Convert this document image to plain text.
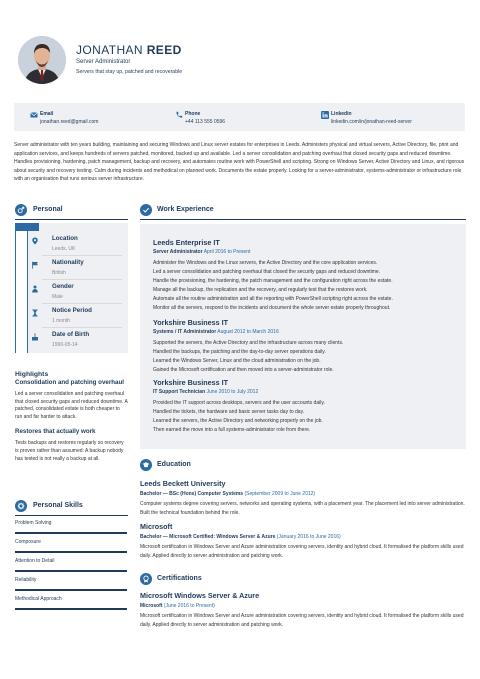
JONATHAN REED
Server Administrator
Servers that stay up, patched and recoverable
Email
jonathan.reed@gmail.com
Phone
+44 113 555 0596
Linkedin
linkedin.com/in/jonathan-reed-server
Server administrator with ten years building, maintaining and securing Windows and Linux server estates for enterprises in Leeds. Administers physical and virtual servers, Active Directory, file, print and application services, and keeps hundreds of servers patched, monitored, backed up and available. Led a server consolidation and patching overhaul that closed security gaps and reduced downtime. Handles provisioning, hardening, patch management, backup and recovery, and automates routine work with PowerShell and scripting. Strong on Windows Server, Active Directory and Linux, and rigorous about security and recovery testing. Calm during incidents and methodical on planned work. Documents the estate properly. Looking for a server-administrator, systems-administrator or infrastructure role with an organisation that runs serious server infrastructure.
Personal
Location
Leeds, UK
Nationality
British
Gender
Male
Notice Period
1 month
Date of Birth
1990-05-14
Highlights
Consolidation and patching overhaul
Led a server consolidation and patching overhaul that closed security gaps and reduced downtime. A patched, consolidated estate is both cheaper to run and far harder to attack.
Restores that actually work
Tests backups and restores regularly so recovery is proven rather than assumed: A backup nobody has tested is not really a backup at all.
Personal Skills
Problem Solving
Composure
Attention to Detail
Reliability
Methodical Approach
Work Experience
Leeds Enterprise IT
Server Administrator April 2016 to Present
Administer the Windows and the Linux servers, the Active Directory and the core application services.
Led a server consolidation and patching overhaul that closed the security gaps and reduced downtime.
Handle the provisioning, the hardening, the patch management and the configuration right across the estate.
Manage all the backup, the replication and the recovery, and regularly test that the restores work.
Automate all the routine administration and all the reporting with PowerShell scripting right across the estate.
Monitor all the servers, respond to the incidents and document the whole server estate properly throughout.
Yorkshire Business IT
Systems / IT Administrator August 2012 to March 2016
Supported the servers, the Active Directory and the infrastructure across many clients.
Handled the backups, the patching and the day-to-day server operations daily.
Learned the Windows Server, Linux and the cloud administration on the job.
Gained the Microsoft certification and then moved into a server-administrator role.
Yorkshire Business IT
IT Support Technician June 2010 to July 2012
Provided the IT support across desktops, servers and the user accounts daily.
Handled the tickets, the hardware and basic server tasks day to day.
Learned the servers, the Active Directory and networking properly on the job.
Then earned the move into a full systems-administrator role from there.
Education
Leeds Beckett University
Bachelor — BSc (Hons) Computer Systems (September 2009 to June 2012)
Computer systems degree covering servers, networks and operating systems, with a placement year. The placement led into server administration. Built the technical foundation behind the role.
Microsoft
Bachelor — Microsoft Certified: Windows Server & Azure (January 2016 to June 2016)
Microsoft certification in Windows Server and Azure administration covering servers, identity and hybrid cloud. It formalised the platform skills used daily. Applied directly to server administration and patching work.
Certifications
Microsoft Windows Server & Azure
Microsoft (June 2016 to Present)
Microsoft certification in Windows Server and Azure administration covering servers, identity and hybrid cloud. It formalised the platform skills used daily. Applied directly to server administration and patching work.
